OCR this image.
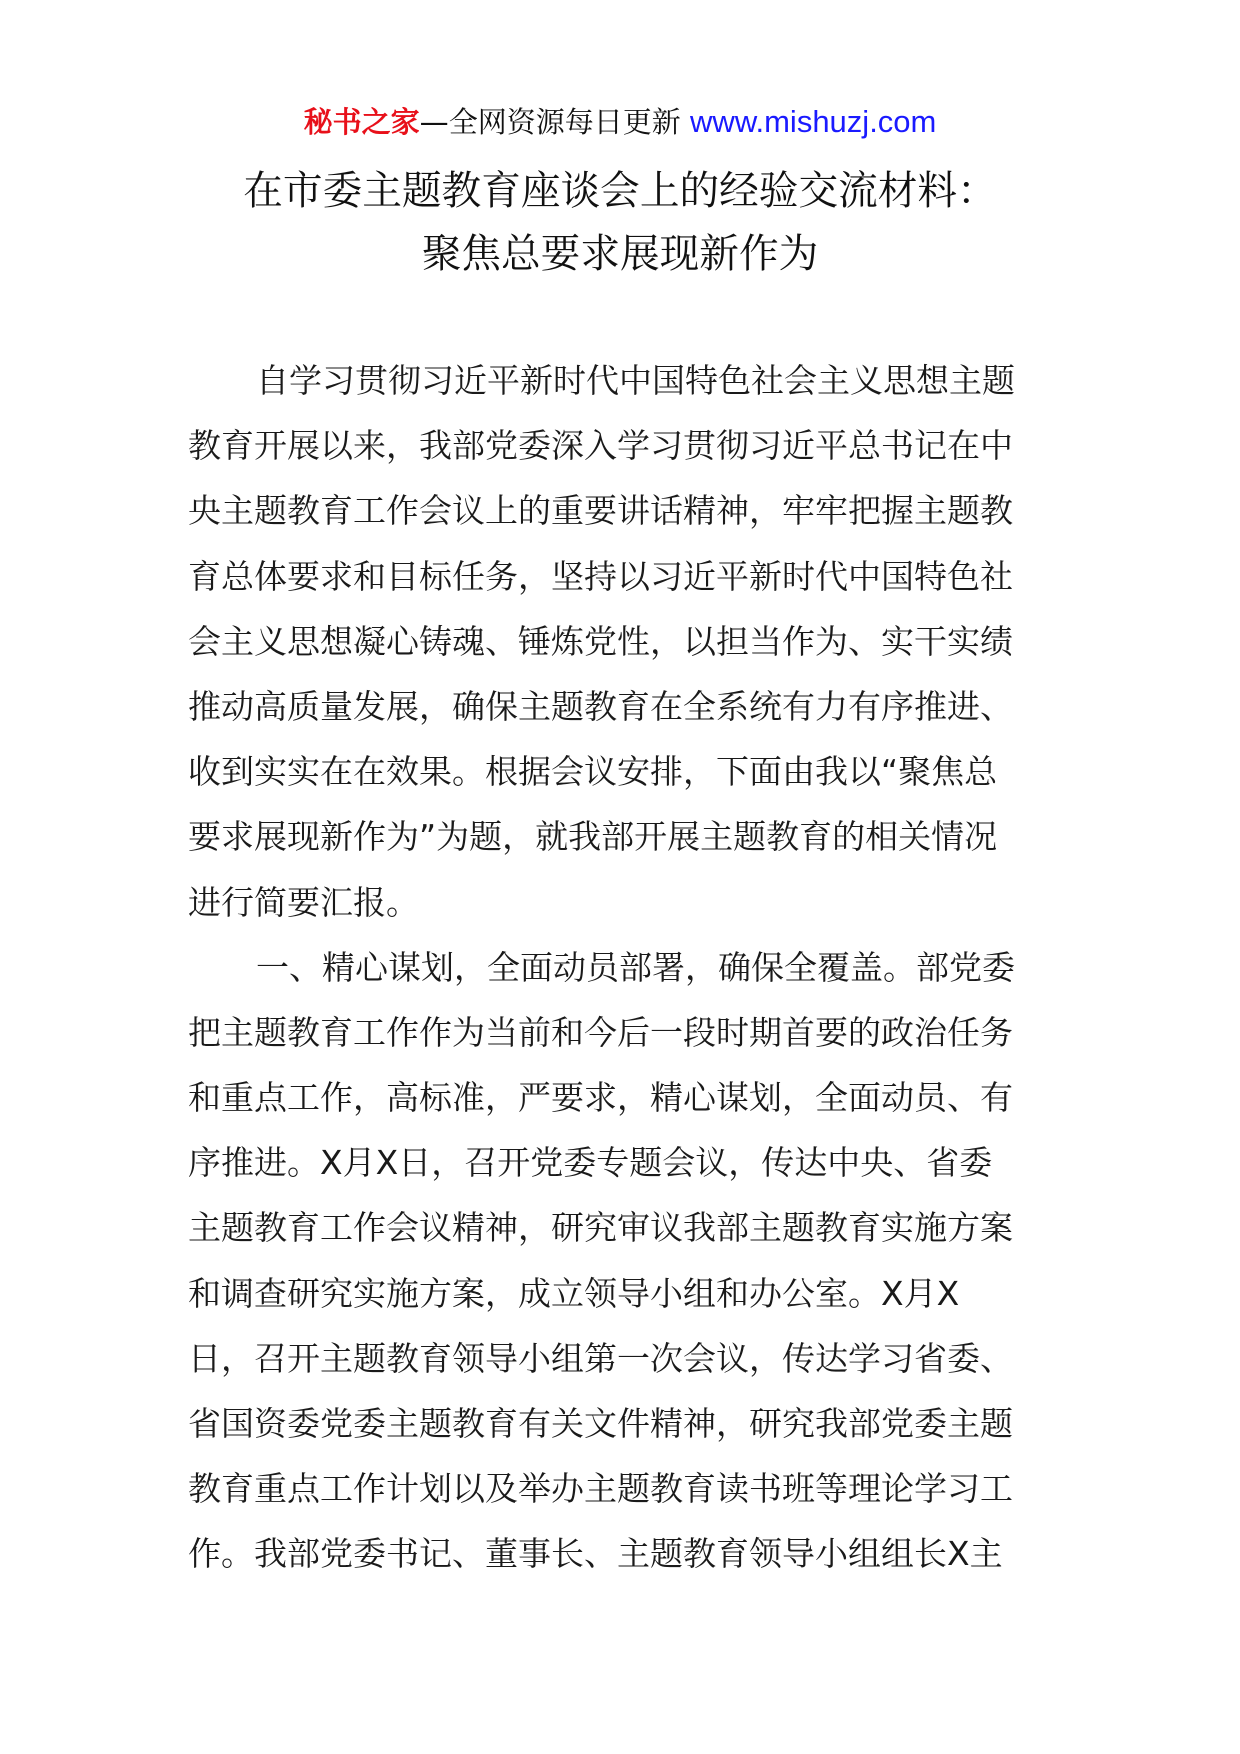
秘书之家—全网资源每日更新 www.mishuzj.com
在市委主题教育座谈会上的经验交流材料：
聚焦总要求展现新作为
自学习贯彻习近平新时代中国特色社会主义思想主题
教育开展以来，我部党委深入学习贯彻习近平总书记在中
央主题教育工作会议上的重要讲话精神，牢牢把握主题教
育总体要求和目标任务，坚持以习近平新时代中国特色社
会主义思想凝心铸魂、锤炼党性，以担当作为、实干实绩
推动高质量发展，确保主题教育在全系统有力有序推进、
收到实实在在效果。根据会议安排，下面由我以“聚焦总
要求展现新作为”为题，就我部开展主题教育的相关情况
进行简要汇报。
一、精心谋划，全面动员部署，确保全覆盖。部党委
把主题教育工作作为当前和今后一段时期首要的政治任务
和重点工作，高标准，严要求，精心谋划，全面动员、有
序推进。X月X日，召开党委专题会议，传达中央、省委
主题教育工作会议精神，研究审议我部主题教育实施方案
和调查研究实施方案，成立领导小组和办公室。X月X
日，召开主题教育领导小组第一次会议，传达学习省委、
省国资委党委主题教育有关文件精神，研究我部党委主题
教育重点工作计划以及举办主题教育读书班等理论学习工
作。我部党委书记、董事长、主题教育领导小组组长X主
